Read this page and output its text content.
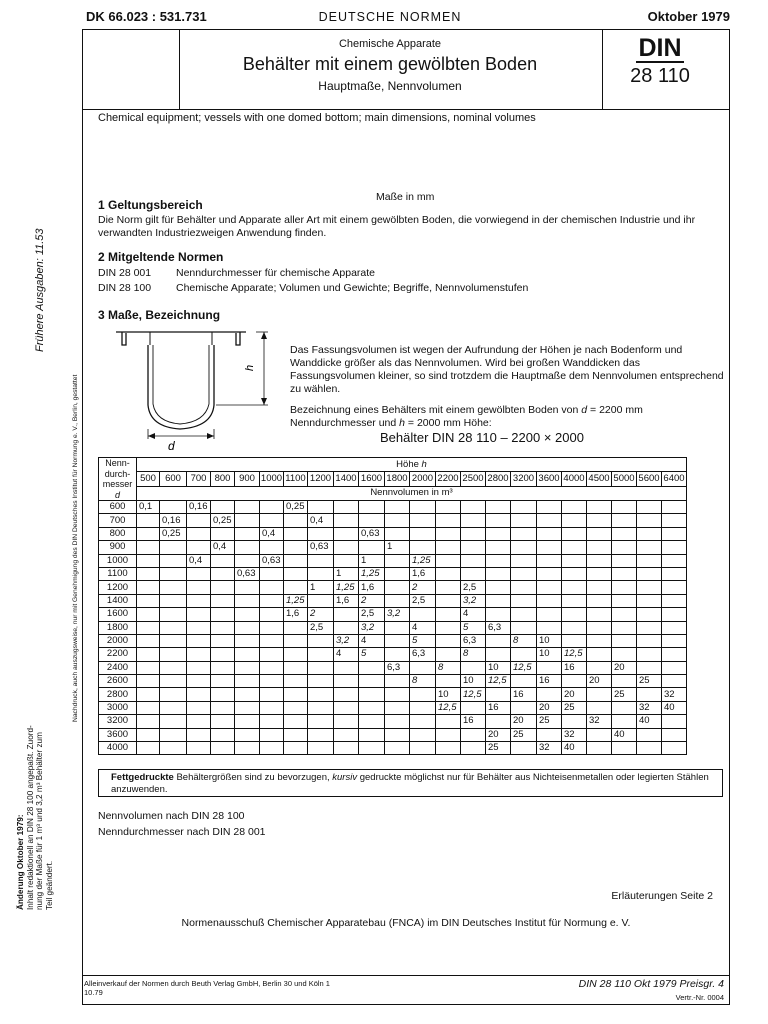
DK 66.023 : 531.731	DEUTSCHE NORMEN	Oktober 1979
Chemische Apparate
Behälter mit einem gewölbten Boden
Hauptmaße, Nennvolumen
DIN
28 110
Chemical equipment; vessels with one domed bottom; main dimensions, nominal volumes
Maße in mm
1 Geltungsbereich
Die Norm gilt für Behälter und Apparate aller Art mit einem gewölbten Boden, die vorwiegend in der chemischen Industrie und ihr verwandten Industriezweigen Anwendung finden.
2 Mitgeltende Normen
DIN 28 001 Nenndurchmesser für chemische Apparate
DIN 28 100 Chemische Apparate; Volumen und Gewichte; Begriffe, Nennvolumenstufen
3 Maße, Bezeichnung
h
d
Das Fassungsvolumen ist wegen der Aufrundung der Höhen je nach Bodenform und Wanddicke größer als das Nennvolumen. Wird bei großen Wanddicken das Fassungsvolumen kleiner, so sind trotzdem die Hauptmaße dem Nennvolumen entsprechend zu wählen.
Bezeichnung eines Behälters mit einem gewölbten Boden von d = 2200 mm
Nenndurchmesser und h = 2000 mm Höhe:
Behälter DIN 28 110 – 2200 × 2000
Nenn-
durch-
messer
d	Höhe h																					
	500	600	700	800	900	1000	1100	1200	1400	1600	1800	2000	2200	2500	2800	3200	3600	4000	4500	5000	5600	6400
	Nennvolumen in m³																					
600	0,1		0,16				0,25															
700		0,16		0,25				0,4														
800		0,25				0,4				0,63												
900				0,4				0,63			1											
1000			0,4			0,63				1		1,25										
1100					0,63				1	1,25		1,6										
1200								1	1,25	1,6		2		2,5								
1400							1,25		1,6	2		2,5		3,2								
1600							1,6	2		2,5	3,2			4								
1800								2,5		3,2		4		5	6,3							
2000									3,2	4		5		6,3		8	10					
2200									4	5		6,3		8			10	12,5				
2400											6,3		8		10	12,5		16		20		
2600												8		10	12,5		16		20		25	
2800													10	12,5		16		20		25		32
3000													12,5		16		20	25			32	40
3200														16		20	25		32		40	
3600															20	25		32		40		
4000															25		32	40				
Fettgedruckte Behältergrößen sind zu bevorzugen, kursiv gedruckte möglichst nur für Behälter aus Nichteisenmetallen oder legierten Stählen anzuwenden.
Nennvolumen nach DIN 28 100
Nenndurchmesser nach DIN 28 001
Erläuterungen Seite 2
Normenausschuß Chemischer Apparatebau (FNCA) im DIN Deutsches Institut für Normung e. V.
Alleinverkauf der Normen durch Beuth Verlag GmbH, Berlin 30 und Köln 1
10.79
DIN 28 110 Okt 1979 Preisgr. 4
Vertr.-Nr. 0004
Frühere Ausgaben: 11.53
Nachdruck, auch auszugsweise, nur mit Genehmigung des DIN Deutsches Institut für Normung e. V., Berlin, gestattet
Änderung Oktober 1979:
Inhalt redaktionell an DIN 28 100 angepaßt. Zuord-
nung der Maße für 1 m³ und 3,2 m³ Behälter zum
Teil geändert.
